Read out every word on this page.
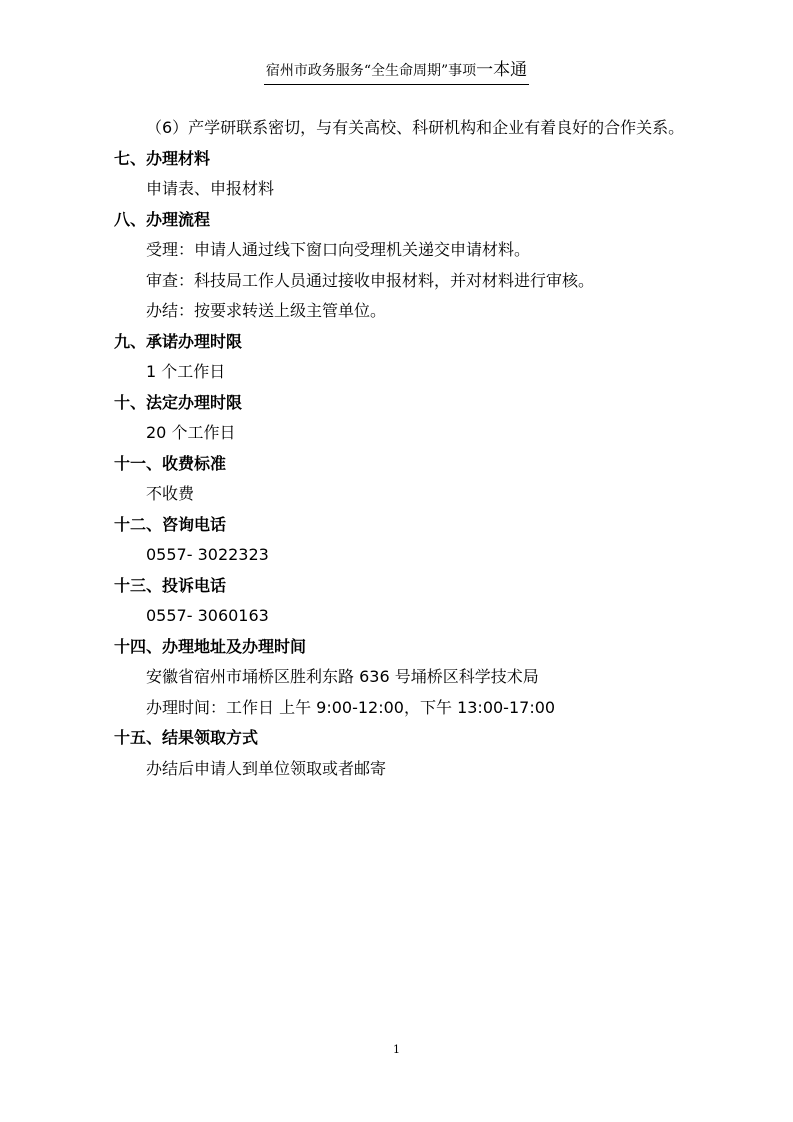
宿州市政务服务“全生命周期”事项一本通

（6）产学研联系密切，与有关高校、科研机构和企业有着良好的合作关系。

七、办理材料

申请表、申报材料

八、办理流程

受理：申请人通过线下窗口向受理机关递交申请材料。

审查：科技局工作人员通过接收申报材料，并对材料进行审核。

办结：按要求转送上级主管单位。

九、承诺办理时限

1 个工作日

十、法定办理时限

20 个工作日

十一、收费标准

不收费

十二、咨询电话

0557- 3022323

十三、投诉电话

0557- 3060163

十四、办理地址及办理时间

安徽省宿州市埇桥区胜利东路 636 号埇桥区科学技术局

办理时间：工作日 上午 9:00-12:00，下午 13:00-17:00

十五、结果领取方式

办结后申请人到单位领取或者邮寄

1
